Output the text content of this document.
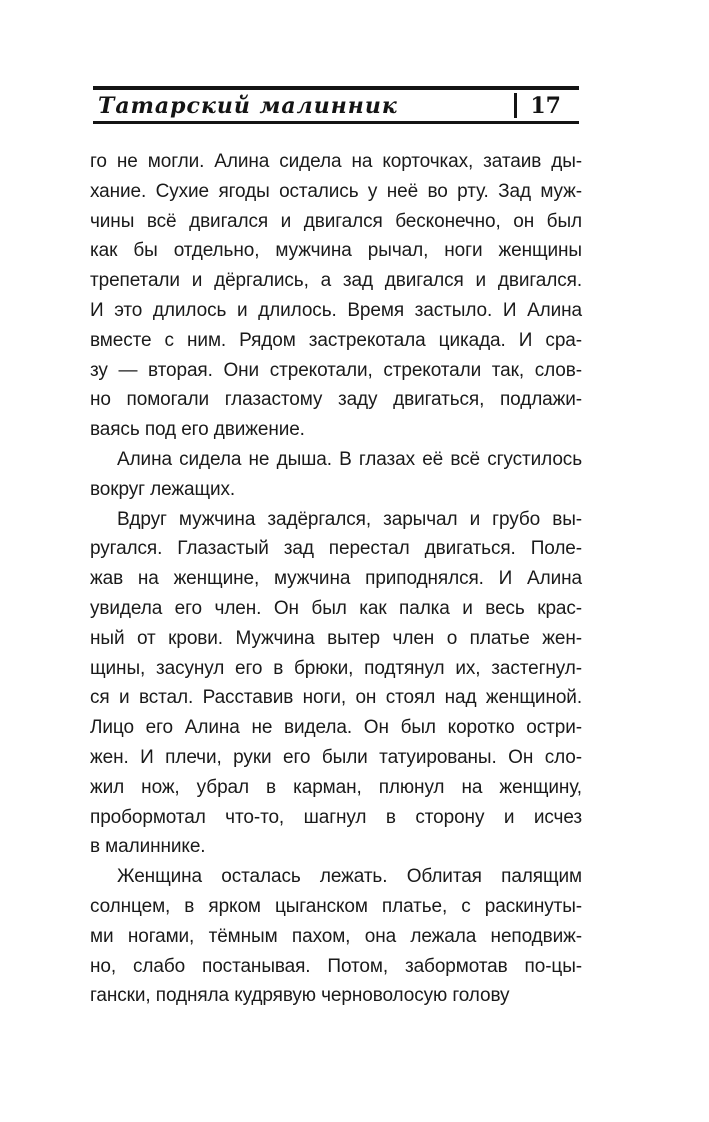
Татарский малинник	17
го не могли. Алина сидела на корточках, затаив ды-
хание. Сухие ягоды остались у неё во рту. Зад муж-
чины всё двигался и двигался бесконечно, он был
как бы отдельно, мужчина рычал, ноги женщины
трепетали и дёргались, а зад двигался и двигался.
И это длилось и длилось. Время застыло. И Алина
вместе с ним. Рядом застрекотала цикада. И сра-
зу — вторая. Они стрекотали, стрекотали так, слов-
но помогали глазастому заду двигаться, подлажи-
ваясь под его движение.
Алина сидела не дыша. В глазах её всё сгустилось
вокруг лежащих.
Вдруг мужчина задёргался, зарычал и грубо вы-
ругался. Глазастый зад перестал двигаться. Поле-
жав на женщине, мужчина приподнялся. И Алина
увидела его член. Он был как палка и весь крас-
ный от крови. Мужчина вытер член о платье жен-
щины, засунул его в брюки, подтянул их, застегнул-
ся и встал. Расставив ноги, он стоял над женщиной.
Лицо его Алина не видела. Он был коротко остри-
жен. И плечи, руки его были татуированы. Он сло-
жил нож, убрал в карман, плюнул на женщину,
пробормотал что-то, шагнул в сторону и исчез
в малиннике.
Женщина осталась лежать. Облитая палящим
солнцем, в ярком цыганском платье, с раскинуты-
ми ногами, тёмным пахом, она лежала неподвиж-
но, слабо постанывая. Потом, забормотав по-цы-
гански, подняла кудрявую черноволосую голову
